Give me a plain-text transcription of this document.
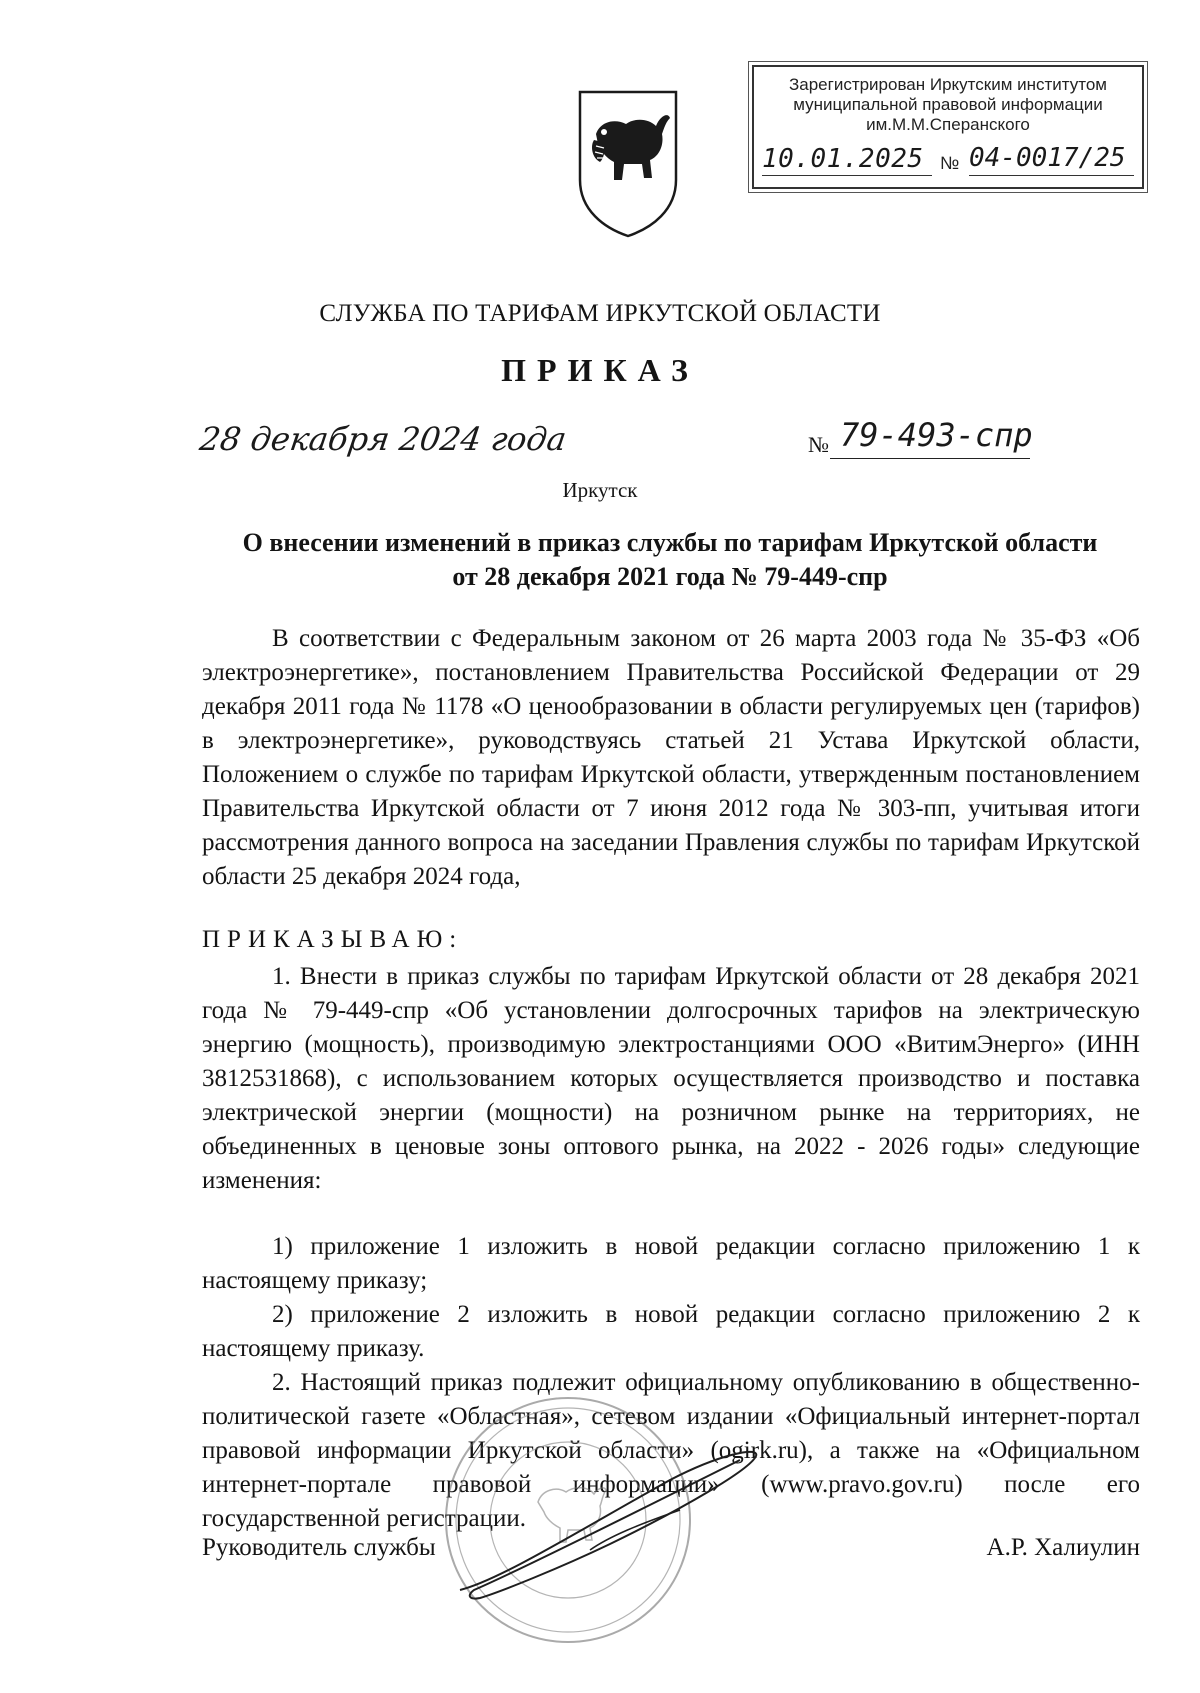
Зарегистрирован Иркутским институтом
муниципальной правовой информации
им.М.М.Сперанского
10.01.2025 № 04-0017/25
СЛУЖБА ПО ТАРИФАМ ИРКУТСКОЙ ОБЛАСТИ
ПРИКАЗ
28 декабря 2024 года	№ 79-493-спр
Иркутск
О внесении изменений в приказ службы по тарифам Иркутской области
от 28 декабря 2021 года № 79-449-спр
В соответствии с Федеральным законом от 26 марта 2003 года № 35-ФЗ «Об электроэнергетике», постановлением Правительства Российской Федерации от 29 декабря 2011 года № 1178 «О ценообразовании в области регулируемых цен (тарифов) в электроэнергетике», руководствуясь статьей 21 Устава Иркутской области, Положением о службе по тарифам Иркутской области, утвержденным постановлением Правительства Иркутской области от 7 июня 2012 года № 303-пп, учитывая итоги рассмотрения данного вопроса на заседании Правления службы по тарифам Иркутской области 25 декабря 2024 года,
ПРИКАЗЫВАЮ:
1. Внести в приказ службы по тарифам Иркутской области от 28 декабря 2021 года № 79-449-спр «Об установлении долгосрочных тарифов на электрическую энергию (мощность), производимую электростанциями ООО «ВитимЭнерго» (ИНН 3812531868), с использованием которых осуществляется производство и поставка электрической энергии (мощности) на розничном рынке на территориях, не объединенных в ценовые зоны оптового рынка, на 2022 - 2026 годы» следующие изменения:
1) приложение 1 изложить в новой редакции согласно приложению 1 к настоящему приказу;
2) приложение 2 изложить в новой редакции согласно приложению 2 к настоящему приказу.
2. Настоящий приказ подлежит официальному опубликованию в общественно-политической газете «Областная», сетевом издании «Официальный интернет-портал правовой информации Иркутской области» (ogirk.ru), а также на «Официальном интернет-портале правовой информации» (www.pravo.gov.ru) после его государственной регистрации.
Руководитель службы	А.Р. Халиулин
